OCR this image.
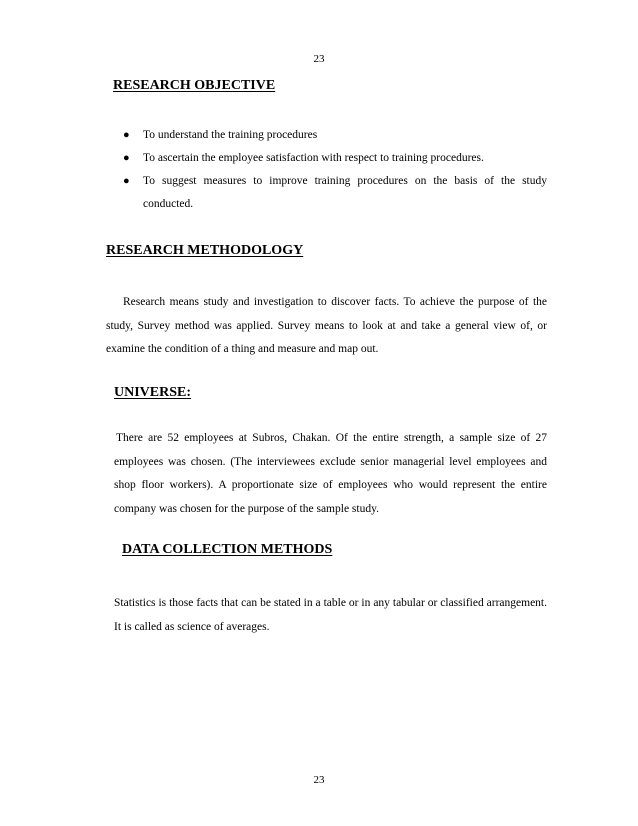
23
RESEARCH OBJECTIVE
● To understand the training procedures
● To ascertain the employee satisfaction with respect to training procedures.
● To suggest measures to improve training procedures on the basis of the study conducted.
RESEARCH METHODOLOGY

Research means study and investigation to discover facts. To achieve the purpose of the study, Survey method was applied. Survey means to look at and take a general view of, or examine the condition of a thing and measure and map out.

UNIVERSE:

There are 52 employees at Subros, Chakan. Of the entire strength, a sample size of 27 employees was chosen. (The interviewees exclude senior managerial level employees and shop floor workers). A proportionate size of employees who would represent the entire company was chosen for the purpose of the sample study.

DATA COLLECTION METHODS

Statistics is those facts that can be stated in a table or in any tabular or classified arrangement. It is called as science of averages.

23
